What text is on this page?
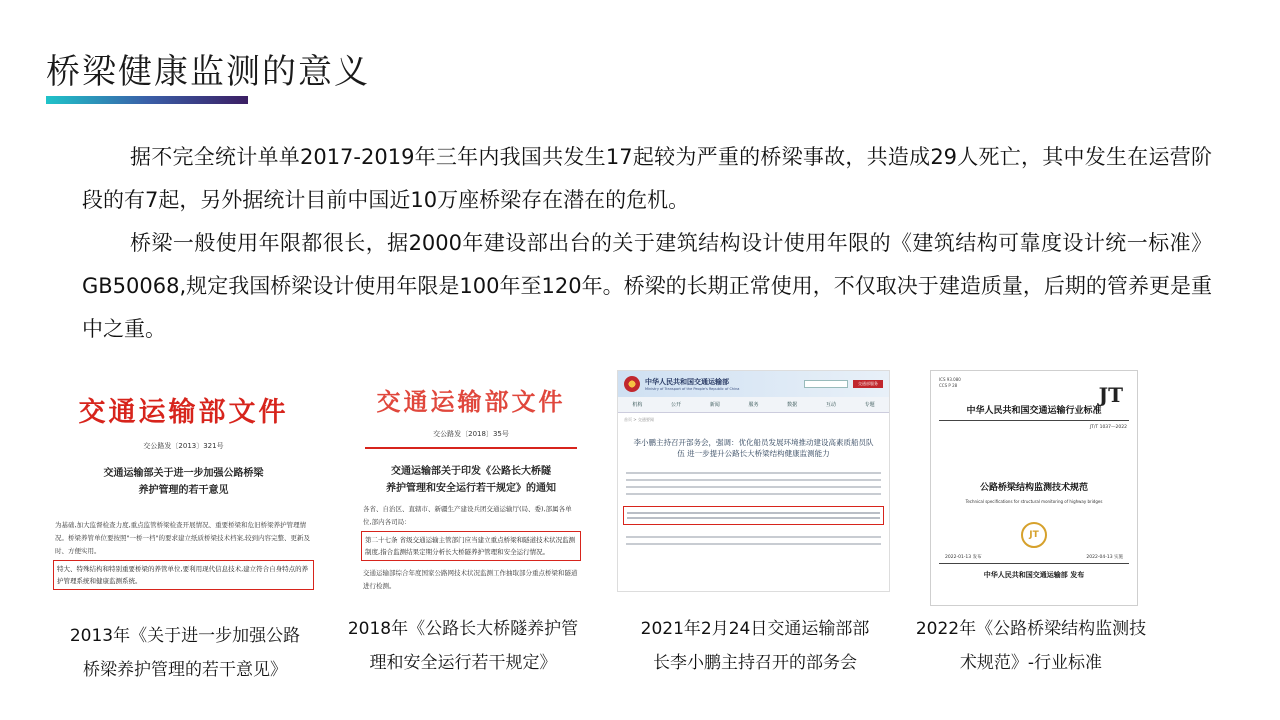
桥梁健康监测的意义

据不完全统计单单2017-2019年三年内我国共发生17起较为严重的桥梁事故，共造成29人死亡，其中发生在运营阶段的有7起，另外据统计目前中国近10万座桥梁存在潜在的危机。

桥梁一般使用年限都很长，据2000年建设部出台的关于建筑结构设计使用年限的《建筑结构可靠度设计统一标准》GB50068,规定我国桥梁设计使用年限是100年至120年。桥梁的长期正常使用，不仅取决于建造质量，后期的管养更是重中之重。

交通运输部文件
交公路发〔2013〕321号
交通运输部关于进一步加强公路桥梁
养护管理的若干意见
为基础,加大监督检查力度,重点监管桥梁检查开展情况、重要桥梁和危旧桥梁养护管理情况。桥梁养管单位要按照"一桥一档"的要求建立纸质桥梁技术档案,较到内容完整、更新及时、方便实用。
特大、特殊结构和特别重要桥梁的养管单位,要利用现代信息技术,建立符合自身特点的养护管理系统和健康监测系统。
交通运输部文件
交公路发〔2018〕35号
交通运输部关于印发《公路长大桥隧
养护管理和安全运行若干规定》的通知
各省、自治区、直辖市、新疆生产建设兵团交通运输厅(局、委),部属各单位,部内各司局：
第二十七条 省级交通运输主管部门应当建立重点桥梁和隧道技术状况监测制度,指合监测结果定期分析长大桥隧养护管理和安全运行情况。
交通运输部综合年度国家公路网技术状况监测工作抽取部分重点桥梁和隧道进行检测。
中华人民共和国交通运输部
Ministry of Transport of the People's Republic of China
交通部服务
机构	公开	新闻	服务	数据	互动	专题
首页 > 交通要闻
李小鹏主持召开部务会，强调：优化船员发展环境推动建设高素质船员队伍 进一步提升公路长大桥梁结构健康监测能力
ICS 93.080
CCS P 28	JT
中华人民共和国交通运输行业标准
JT/T 1037—2022
公路桥梁结构监测技术规范
Technical specifications for structural monitoring of highway bridges
JT
2022-01-13 发布	2022-04-13 实施
中华人民共和国交通运输部 发布
2013年《关于进一步加强公路
桥梁养护管理的若干意见》
2018年《公路长大桥隧养护管
理和安全运行若干规定》
2021年2月24日交通运输部部
长李小鹏主持召开的部务会
2022年《公路桥梁结构监测技
术规范》-行业标准
